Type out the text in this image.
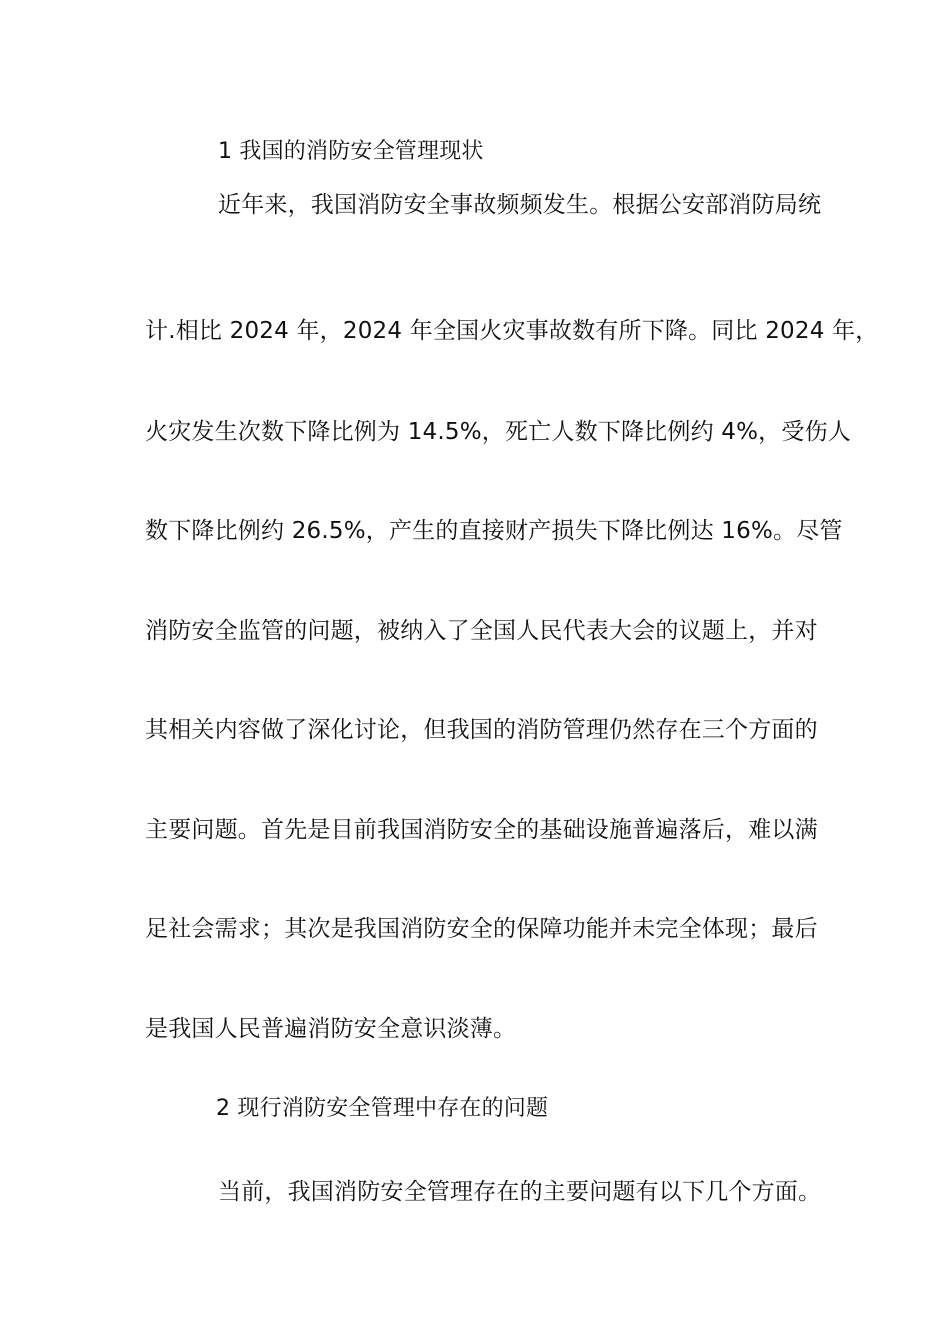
1 我国的消防安全管理现状
近年来，我国消防安全事故频频发生。根据公安部消防局统
计.相比 2024 年，2024 年全国火灾事故数有所下降。同比 2024 年，
火灾发生次数下降比例为 14.5%，死亡人数下降比例约 4%，受伤人
数下降比例约 26.5%，产生的直接财产损失下降比例达 16%。尽管
消防安全监管的问题，被纳入了全国人民代表大会的议题上，并对
其相关内容做了深化讨论，但我国的消防管理仍然存在三个方面的
主要问题。首先是目前我国消防安全的基础设施普遍落后，难以满
足社会需求；其次是我国消防安全的保障功能并未完全体现；最后
是我国人民普遍消防安全意识淡薄。
2 现行消防安全管理中存在的问题
当前，我国消防安全管理存在的主要问题有以下几个方面。
